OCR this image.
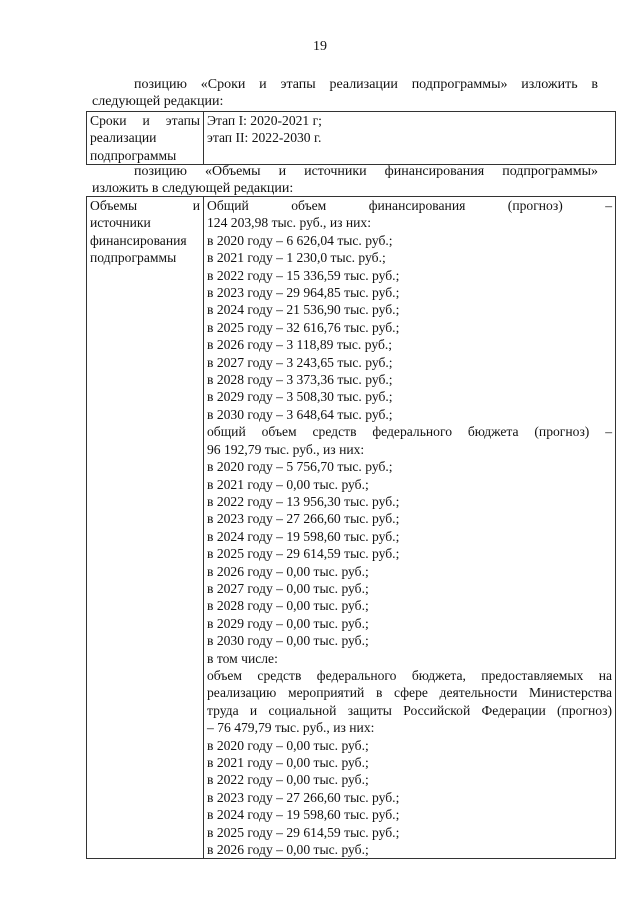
19

позицию «Сроки и этапы реализации подпрограммы» изложить в
следующей редакции:

Сроки и этапы
реализации
подпрограммы

Этап I: 2020-2021 г;
этап II: 2022-2030 г.

позицию «Объемы и источники финансирования подпрограммы»
изложить в следующей редакции:

Объемы и
источники
финансирования
подпрограммы

Общий объем финансирования (прогноз) –
124 203,98 тыс. руб., из них:
в 2020 году – 6 626,04 тыс. руб.;
в 2021 году – 1 230,0 тыс. руб.;
в 2022 году – 15 336,59 тыс. руб.;
в 2023 году – 29 964,85 тыс. руб.;
в 2024 году – 21 536,90 тыс. руб.;
в 2025 году – 32 616,76 тыс. руб.;
в 2026 году – 3 118,89 тыс. руб.;
в 2027 году – 3 243,65 тыс. руб.;
в 2028 году – 3 373,36 тыс. руб.;
в 2029 году – 3 508,30 тыс. руб.;
в 2030 году – 3 648,64 тыс. руб.;
общий объем средств федерального бюджета (прогноз) –
96 192,79 тыс. руб., из них:
в 2020 году – 5 756,70 тыс. руб.;
в 2021 году – 0,00 тыс. руб.;
в 2022 году – 13 956,30 тыс. руб.;
в 2023 году – 27 266,60 тыс. руб.;
в 2024 году – 19 598,60 тыс. руб.;
в 2025 году – 29 614,59 тыс. руб.;
в 2026 году – 0,00 тыс. руб.;
в 2027 году – 0,00 тыс. руб.;
в 2028 году – 0,00 тыс. руб.;
в 2029 году – 0,00 тыс. руб.;
в 2030 году – 0,00 тыс. руб.;
в том числе:
объем средств федерального бюджета, предоставляемых на
реализацию мероприятий в сфере деятельности Министерства
труда и социальной защиты Российской Федерации (прогноз)
– 76 479,79 тыс. руб., из них:
в 2020 году – 0,00 тыс. руб.;
в 2021 году – 0,00 тыс. руб.;
в 2022 году – 0,00 тыс. руб.;
в 2023 году – 27 266,60 тыс. руб.;
в 2024 году – 19 598,60 тыс. руб.;
в 2025 году – 29 614,59 тыс. руб.;
в 2026 году – 0,00 тыс. руб.;
